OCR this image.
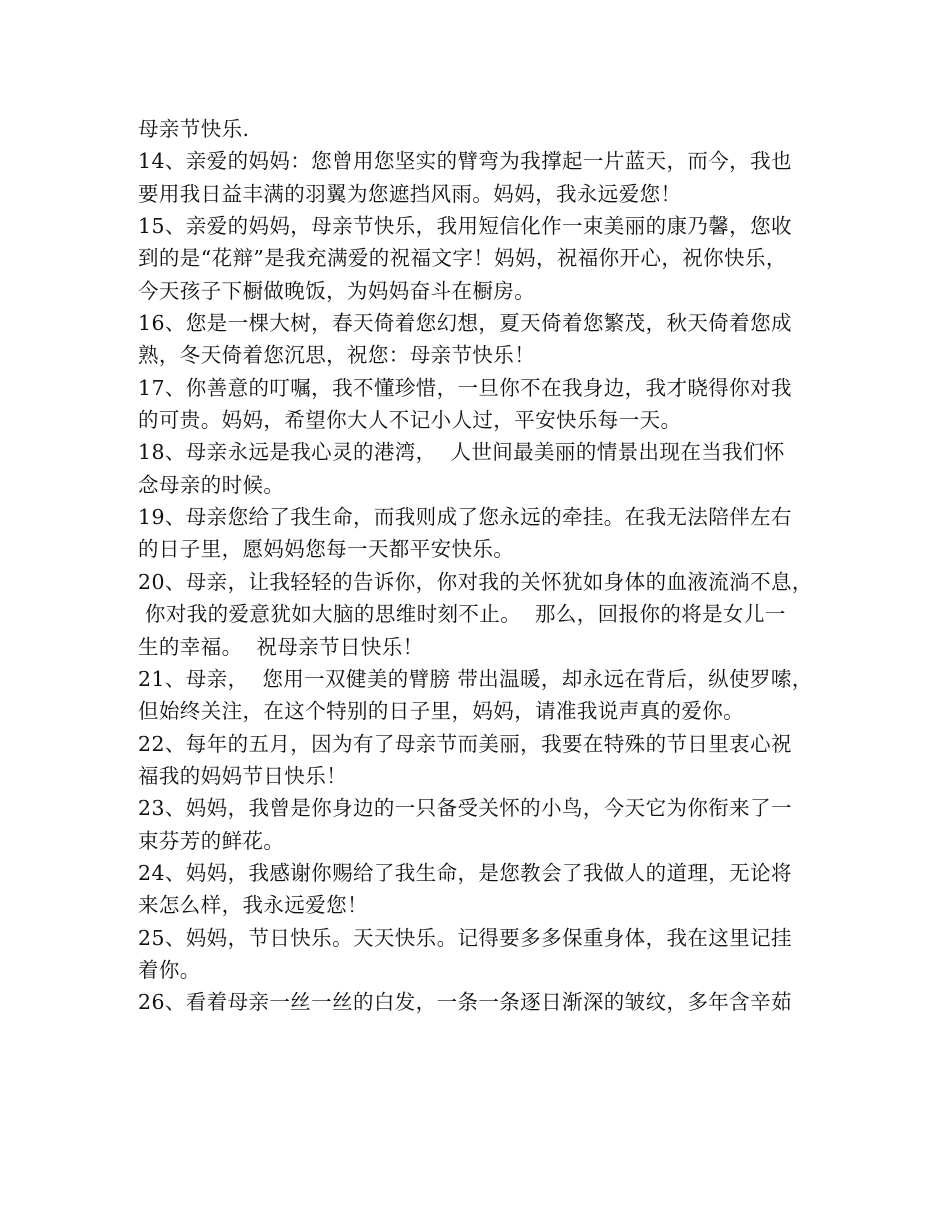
母亲节快乐.
14、亲爱的妈妈：您曾用您坚实的臂弯为我撑起一片蓝天，而今，我也
要用我日益丰满的羽翼为您遮挡风雨。妈妈，我永远爱您！
15、亲爱的妈妈，母亲节快乐，我用短信化作一束美丽的康乃馨，您收
到的是“花辩”是我充满爱的祝福文字！妈妈，祝福你开心，祝你快乐，
今天孩子下橱做晚饭，为妈妈奋斗在橱房。
16、您是一棵大树，春天倚着您幻想，夏天倚着您繁茂，秋天倚着您成
熟，冬天倚着您沉思，祝您：母亲节快乐！
17、你善意的叮嘱，我不懂珍惜，一旦你不在我身边，我才晓得你对我
的可贵。妈妈，希望你大人不记小人过，平安快乐每一天。
18、母亲永远是我心灵的港湾，  人世间最美丽的情景出现在当我们怀
念母亲的时候。
19、母亲您给了我生命，而我则成了您永远的牵挂。在我无法陪伴左右
的日子里，愿妈妈您每一天都平安快乐。
20、母亲，让我轻轻的告诉你，你对我的关怀犹如身体的血液流淌不息，
你对我的爱意犹如大脑的思维时刻不止。  那么，回报你的将是女儿一
生的幸福。  祝母亲节日快乐！
21、母亲，  您用一双健美的臂膀 带出温暖，却永远在背后，纵使罗嗦，
但始终关注，在这个特别的日子里，妈妈，请准我说声真的爱你。
22、每年的五月，因为有了母亲节而美丽，我要在特殊的节日里衷心祝
福我的妈妈节日快乐！
23、妈妈，我曾是你身边的一只备受关怀的小鸟，今天它为你衔来了一
束芬芳的鲜花。
24、妈妈，我感谢你赐给了我生命，是您教会了我做人的道理，无论将
来怎么样，我永远爱您！
25、妈妈，节日快乐。天天快乐。记得要多多保重身体，我在这里记挂
着你。
26、看着母亲一丝一丝的白发，一条一条逐日渐深的皱纹，多年含辛茹
